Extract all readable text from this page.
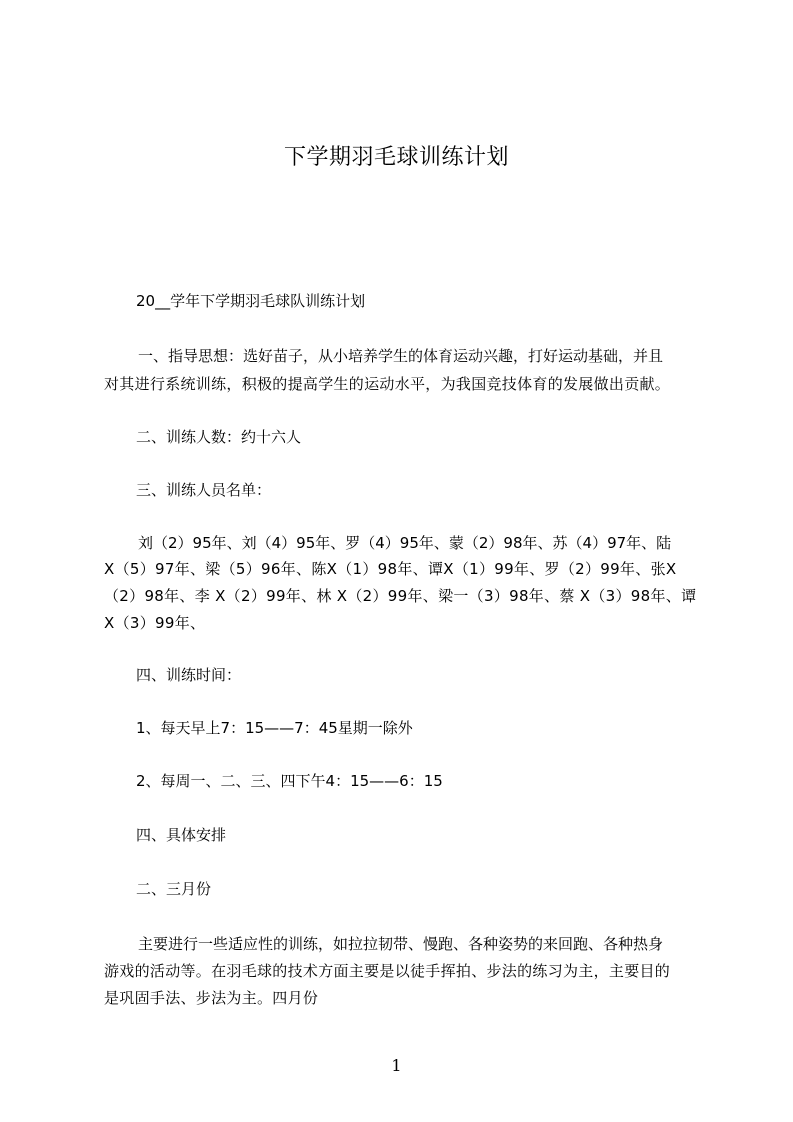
下学期羽毛球训练计划
20__学年下学期羽毛球队训练计划
一、指导思想：选好苗子，从小培养学生的体育运动兴趣，打好运动基础，并且
对其进行系统训练，积极的提高学生的运动水平，为我国竞技体育的发展做出贡献。
二、训练人数：约十六人
三、训练人员名单：
刘（2）95年、刘（4）95年、罗（4）95年、蒙（2）98年、苏（4）97年、陆
X（5）97年、梁（5）96年、陈X（1）98年、谭X（1）99年、罗（2）99年、张X
（2）98年、李 X（2）99年、林 X（2）99年、梁一（3）98年、蔡 X（3）98年、谭
X（3）99年、
四、训练时间：
1、每天早上7：15——7：45星期一除外
2、每周一、二、三、四下午4：15——6：15
四、具体安排
二、三月份
主要进行一些适应性的训练，如拉拉韧带、慢跑、各种姿势的来回跑、各种热身
游戏的活动等。在羽毛球的技术方面主要是以徒手挥拍、步法的练习为主，主要目的
是巩固手法、步法为主。四月份
1
